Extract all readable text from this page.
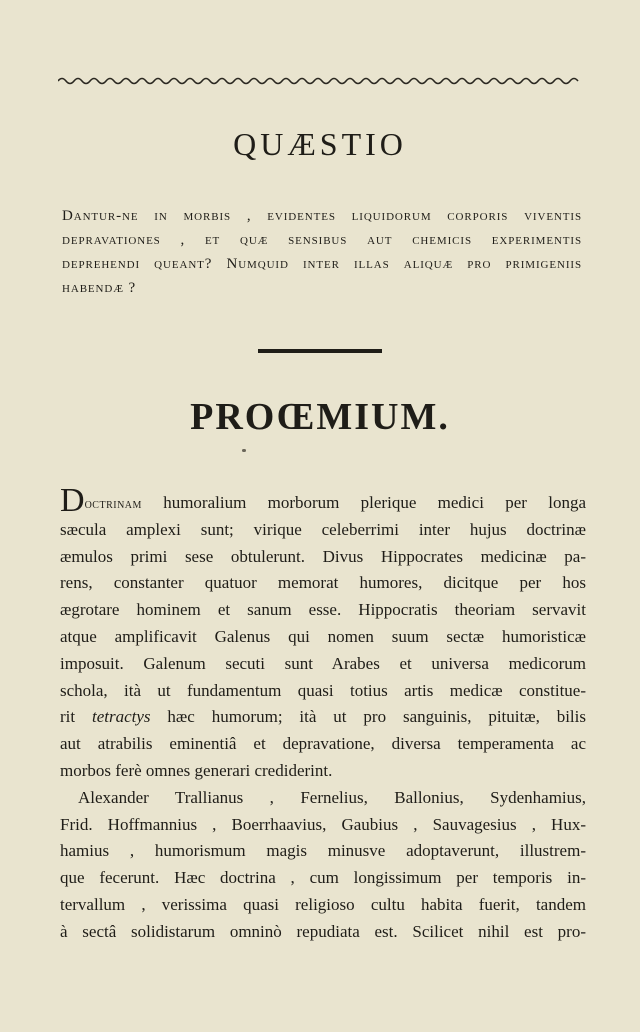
QUÆSTIO

Dantur-ne in morbis , evidentes liquidorum corporis viventis
depravationes , et quæ sensibus aut chemicis experimentis
deprehendi queant? Numquid inter illas aliquæ pro primigeniis
habendæ ?

PROŒMIUM.
Doctrinam humoralium morborum plerique medici per longa
sæcula amplexi sunt; virique celeberrimi inter hujus doctrinæ
æmulos primi sese obtulerunt. Divus Hippocrates medicinæ pa-
rens, constanter quatuor memorat humores, dicitque per hos
ægrotare hominem et sanum esse. Hippocratis theoriam servavit
atque amplificavit Galenus qui nomen suum sectæ humoristicæ
imposuit. Galenum secuti sunt Arabes et universa medicorum
schola, ità ut fundamentum quasi totius artis medicæ constitue-
rit tetractys hæc humorum; ità ut pro sanguinis, pituitæ, bilis
aut atrabilis eminentiâ et depravatione, diversa temperamenta ac
morbos ferè omnes generari crediderint.
Alexander Trallianus , Fernelius, Ballonius, Sydenhamius,
Frid. Hoffmannius , Boerrhaavius, Gaubius , Sauvagesius , Hux-
hamius , humorismum magis minusve adoptaverunt, illustrem-
que fecerunt. Hæc doctrina , cum longissimum per temporis in-
tervallum , verissima quasi religioso cultu habita fuerit, tandem
à sectâ solidistarum omninò repudiata est. Scilicet nihil est pro-
